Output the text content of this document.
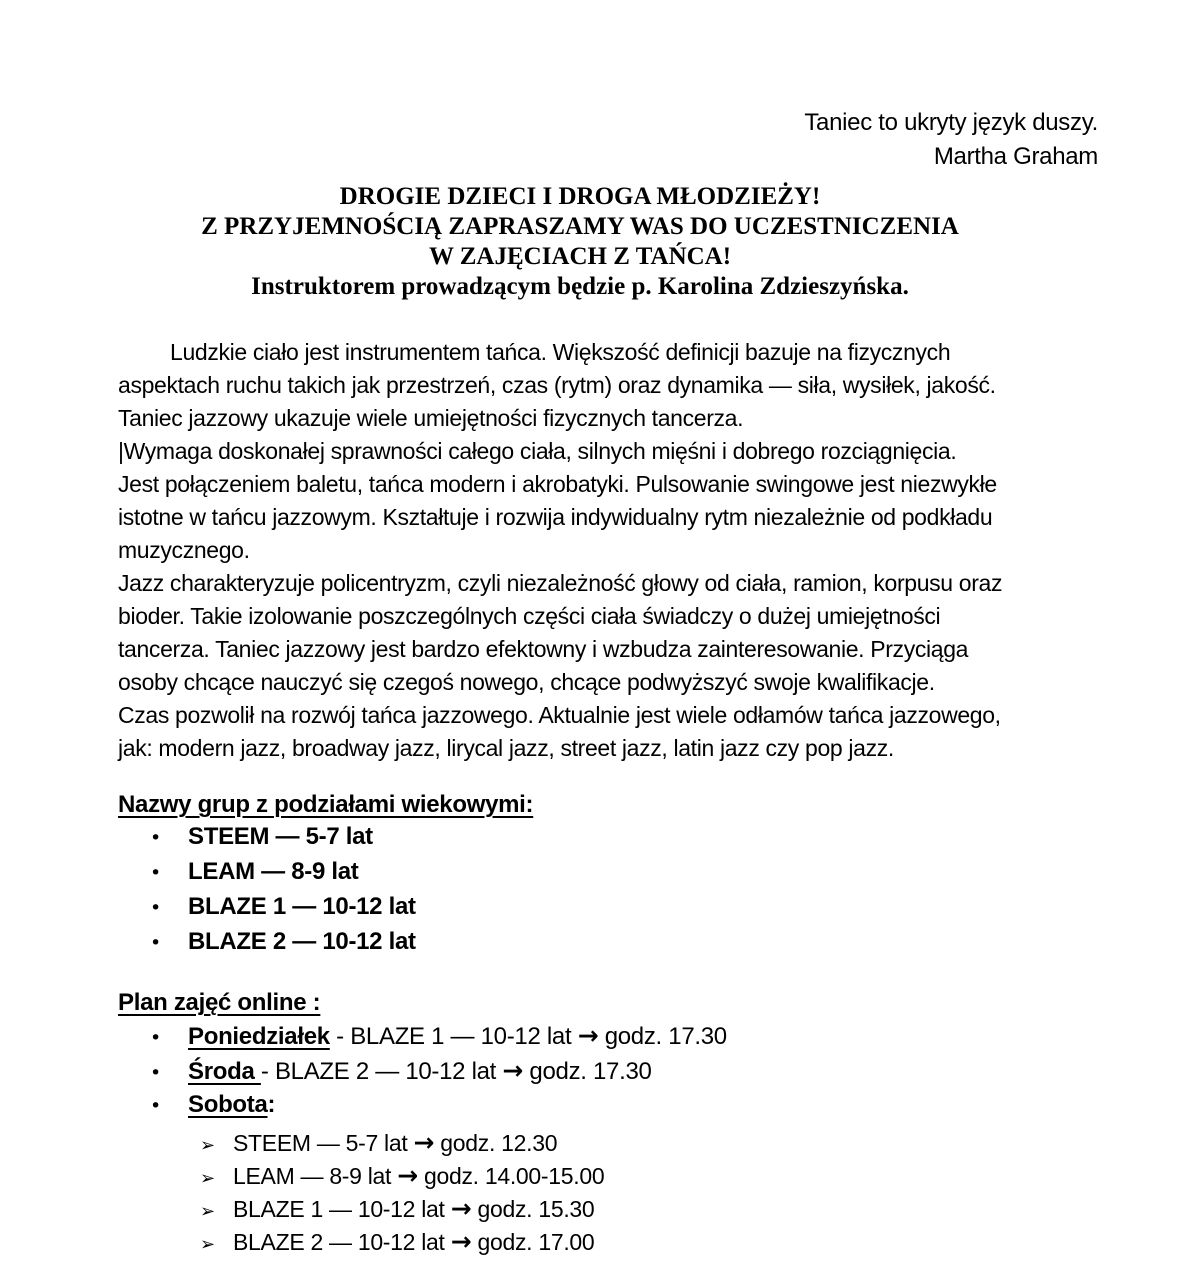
Taniec to ukryty język duszy.
Martha Graham
DROGIE DZIECI I DROGA MŁODZIEŻY!
Z PRZYJEMNOŚCIĄ ZAPRASZAMY WAS DO UCZESTNICZENIA
W ZAJĘCIACH Z TAŃCA!
Instruktorem prowadzącym będzie p. Karolina Zdzieszyńska.
Ludzkie ciało jest instrumentem tańca. Większość definicji bazuje na fizycznych
aspektach ruchu takich jak przestrzeń, czas (rytm) oraz dynamika — siła, wysiłek, jakość.
Taniec jazzowy ukazuje wiele umiejętności fizycznych tancerza.
|Wymaga doskonałej sprawności całego ciała, silnych mięśni i dobrego rozciągnięcia.
Jest połączeniem baletu, tańca modern i akrobatyki. Pulsowanie swingowe jest niezwykłe
istotne w tańcu jazzowym. Kształtuje i rozwija indywidualny rytm niezależnie od podkładu
muzycznego.
Jazz charakteryzuje policentryzm, czyli niezależność głowy od ciała, ramion, korpusu oraz
bioder. Takie izolowanie poszczególnych części ciała świadczy o dużej umiejętności
tancerza. Taniec jazzowy jest bardzo efektowny i wzbudza zainteresowanie. Przyciąga
osoby chcące nauczyć się czegoś nowego, chcące podwyższyć swoje kwalifikacje.
Czas pozwolił na rozwój tańca jazzowego. Aktualnie jest wiele odłamów tańca jazzowego,
jak: modern jazz, broadway jazz, lirycal jazz, street jazz, latin jazz czy pop jazz.
Nazwy grup z podziałami wiekowymi:
•	STEEM — 5-7 lat
•	LEAM — 8-9 lat
•	BLAZE 1 — 10-12 lat
•	BLAZE 2 — 10-12 lat
Plan zajęć online :
•	Poniedziałek - BLAZE 1 — 10-12 lat → godz. 17.30
•	Środa - BLAZE 2 — 10-12 lat → godz. 17.30
•	Sobota:
➢ STEEM — 5-7 lat → godz. 12.30
➢ LEAM — 8-9 lat → godz. 14.00-15.00
➢ BLAZE 1 — 10-12 lat → godz. 15.30
➢ BLAZE 2 — 10-12 lat → godz. 17.00
